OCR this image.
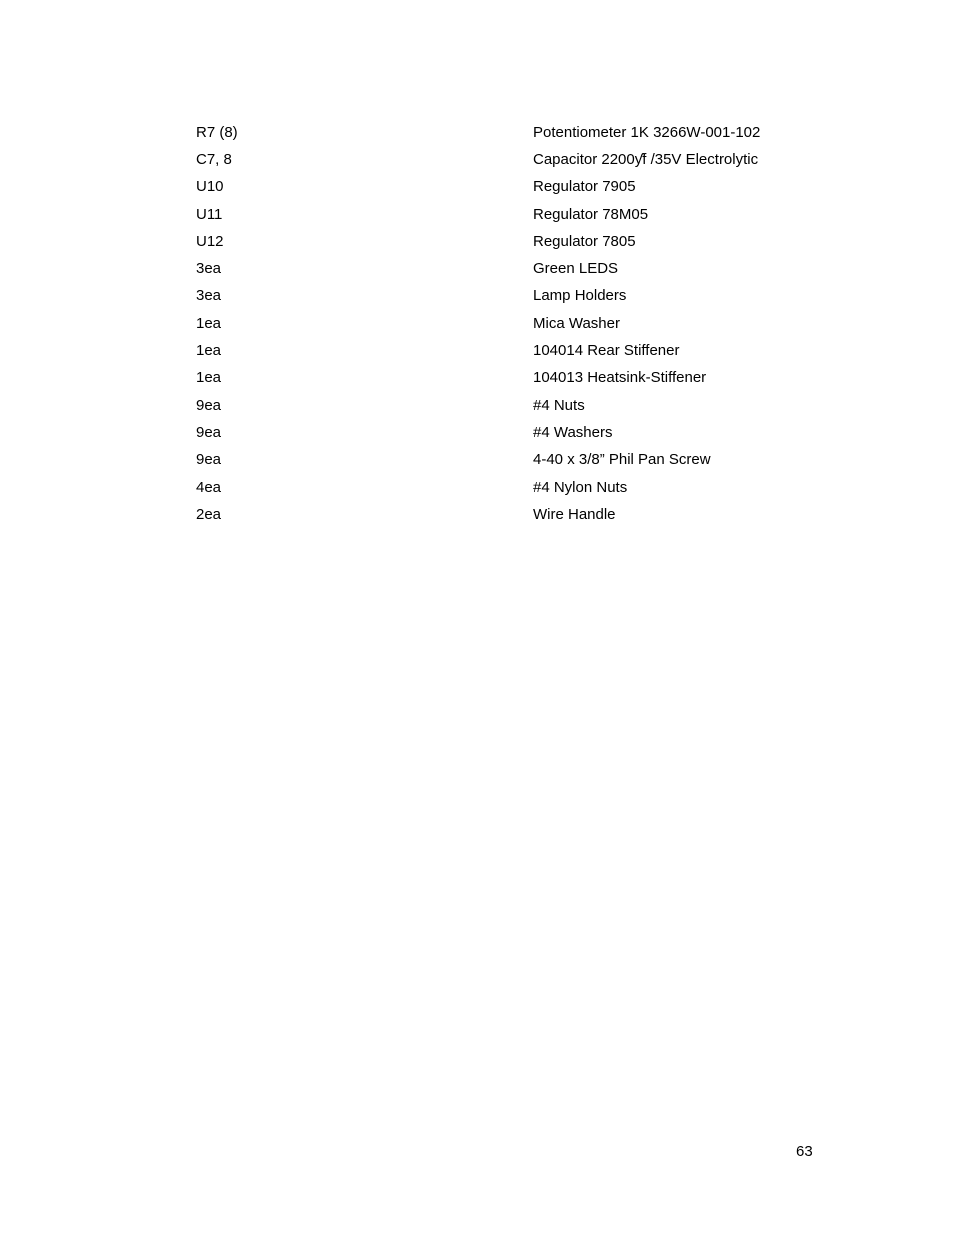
R7 (8)	Potentiometer 1K 3266W-001-102
C7, 8	Capacitor 2200ƴf /35V Electrolytic
U10	Regulator 7905
U11	Regulator 78M05
U12	Regulator 7805
3ea	Green LEDS
3ea	Lamp Holders
1ea	Mica Washer
1ea	104014 Rear Stiffener
1ea	104013 Heatsink-Stiffener
9ea	#4 Nuts
9ea	#4 Washers
9ea	4-40 x 3/8” Phil Pan Screw
4ea	#4 Nylon Nuts
2ea	Wire Handle
63
